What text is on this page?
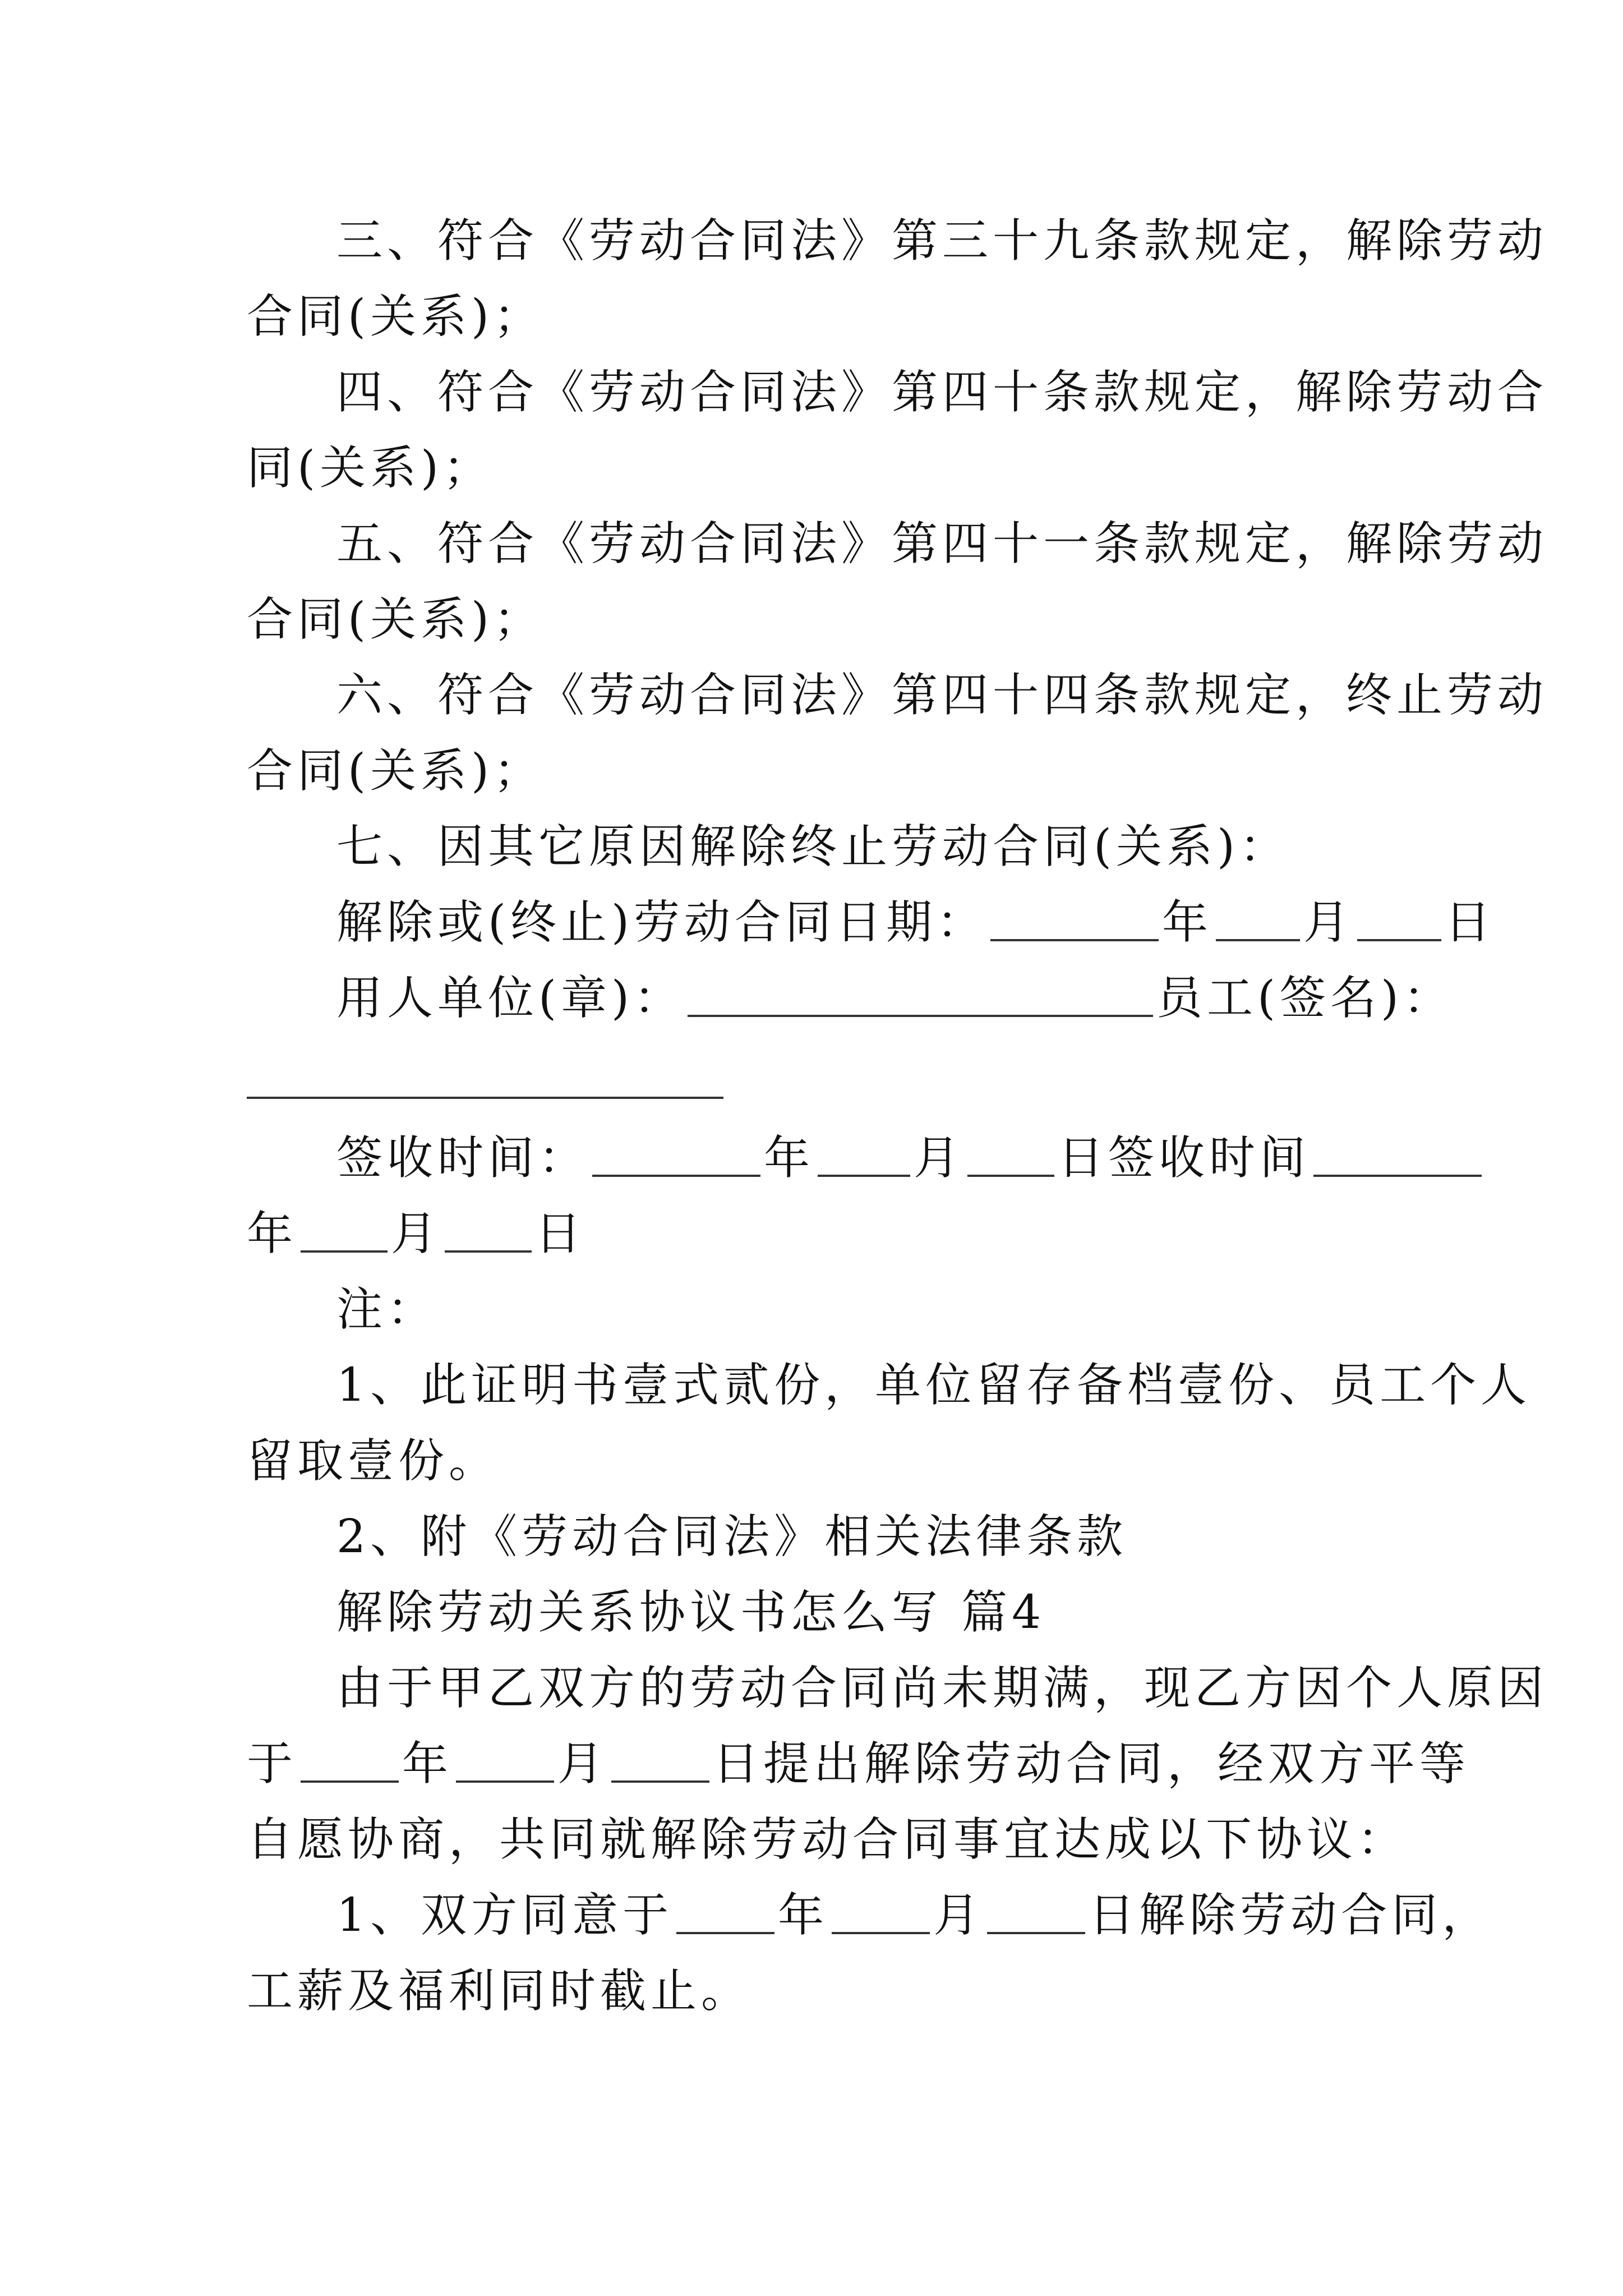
三、符合《劳动合同法》第三十九条款规定，解除劳动
合同(关系)；
四、符合《劳动合同法》第四十条款规定，解除劳动合
同(关系)；
五、符合《劳动合同法》第四十一条款规定，解除劳动
合同(关系)；
六、符合《劳动合同法》第四十四条款规定，终止劳动
合同(关系)；
七、因其它原因解除终止劳动合同(关系)：
解除或(终止)劳动合同日期：	年 月 日
用人单位(章)：	员工(签名)：
签收时间：	年 月 日签收时间
年 月 日
注：
1、此证明书壹式贰份，单位留存备档壹份、员工个人
留取壹份。
2、附《劳动合同法》相关法律条款
解除劳动关系协议书怎么写 篇4
由于甲乙双方的劳动合同尚未期满，现乙方因个人原因
于 年 月 日提出解除劳动合同，经双方平等
自愿协商，共同就解除劳动合同事宜达成以下协议：
1、双方同意于 年 月 日解除劳动合同，
工薪及福利同时截止。
